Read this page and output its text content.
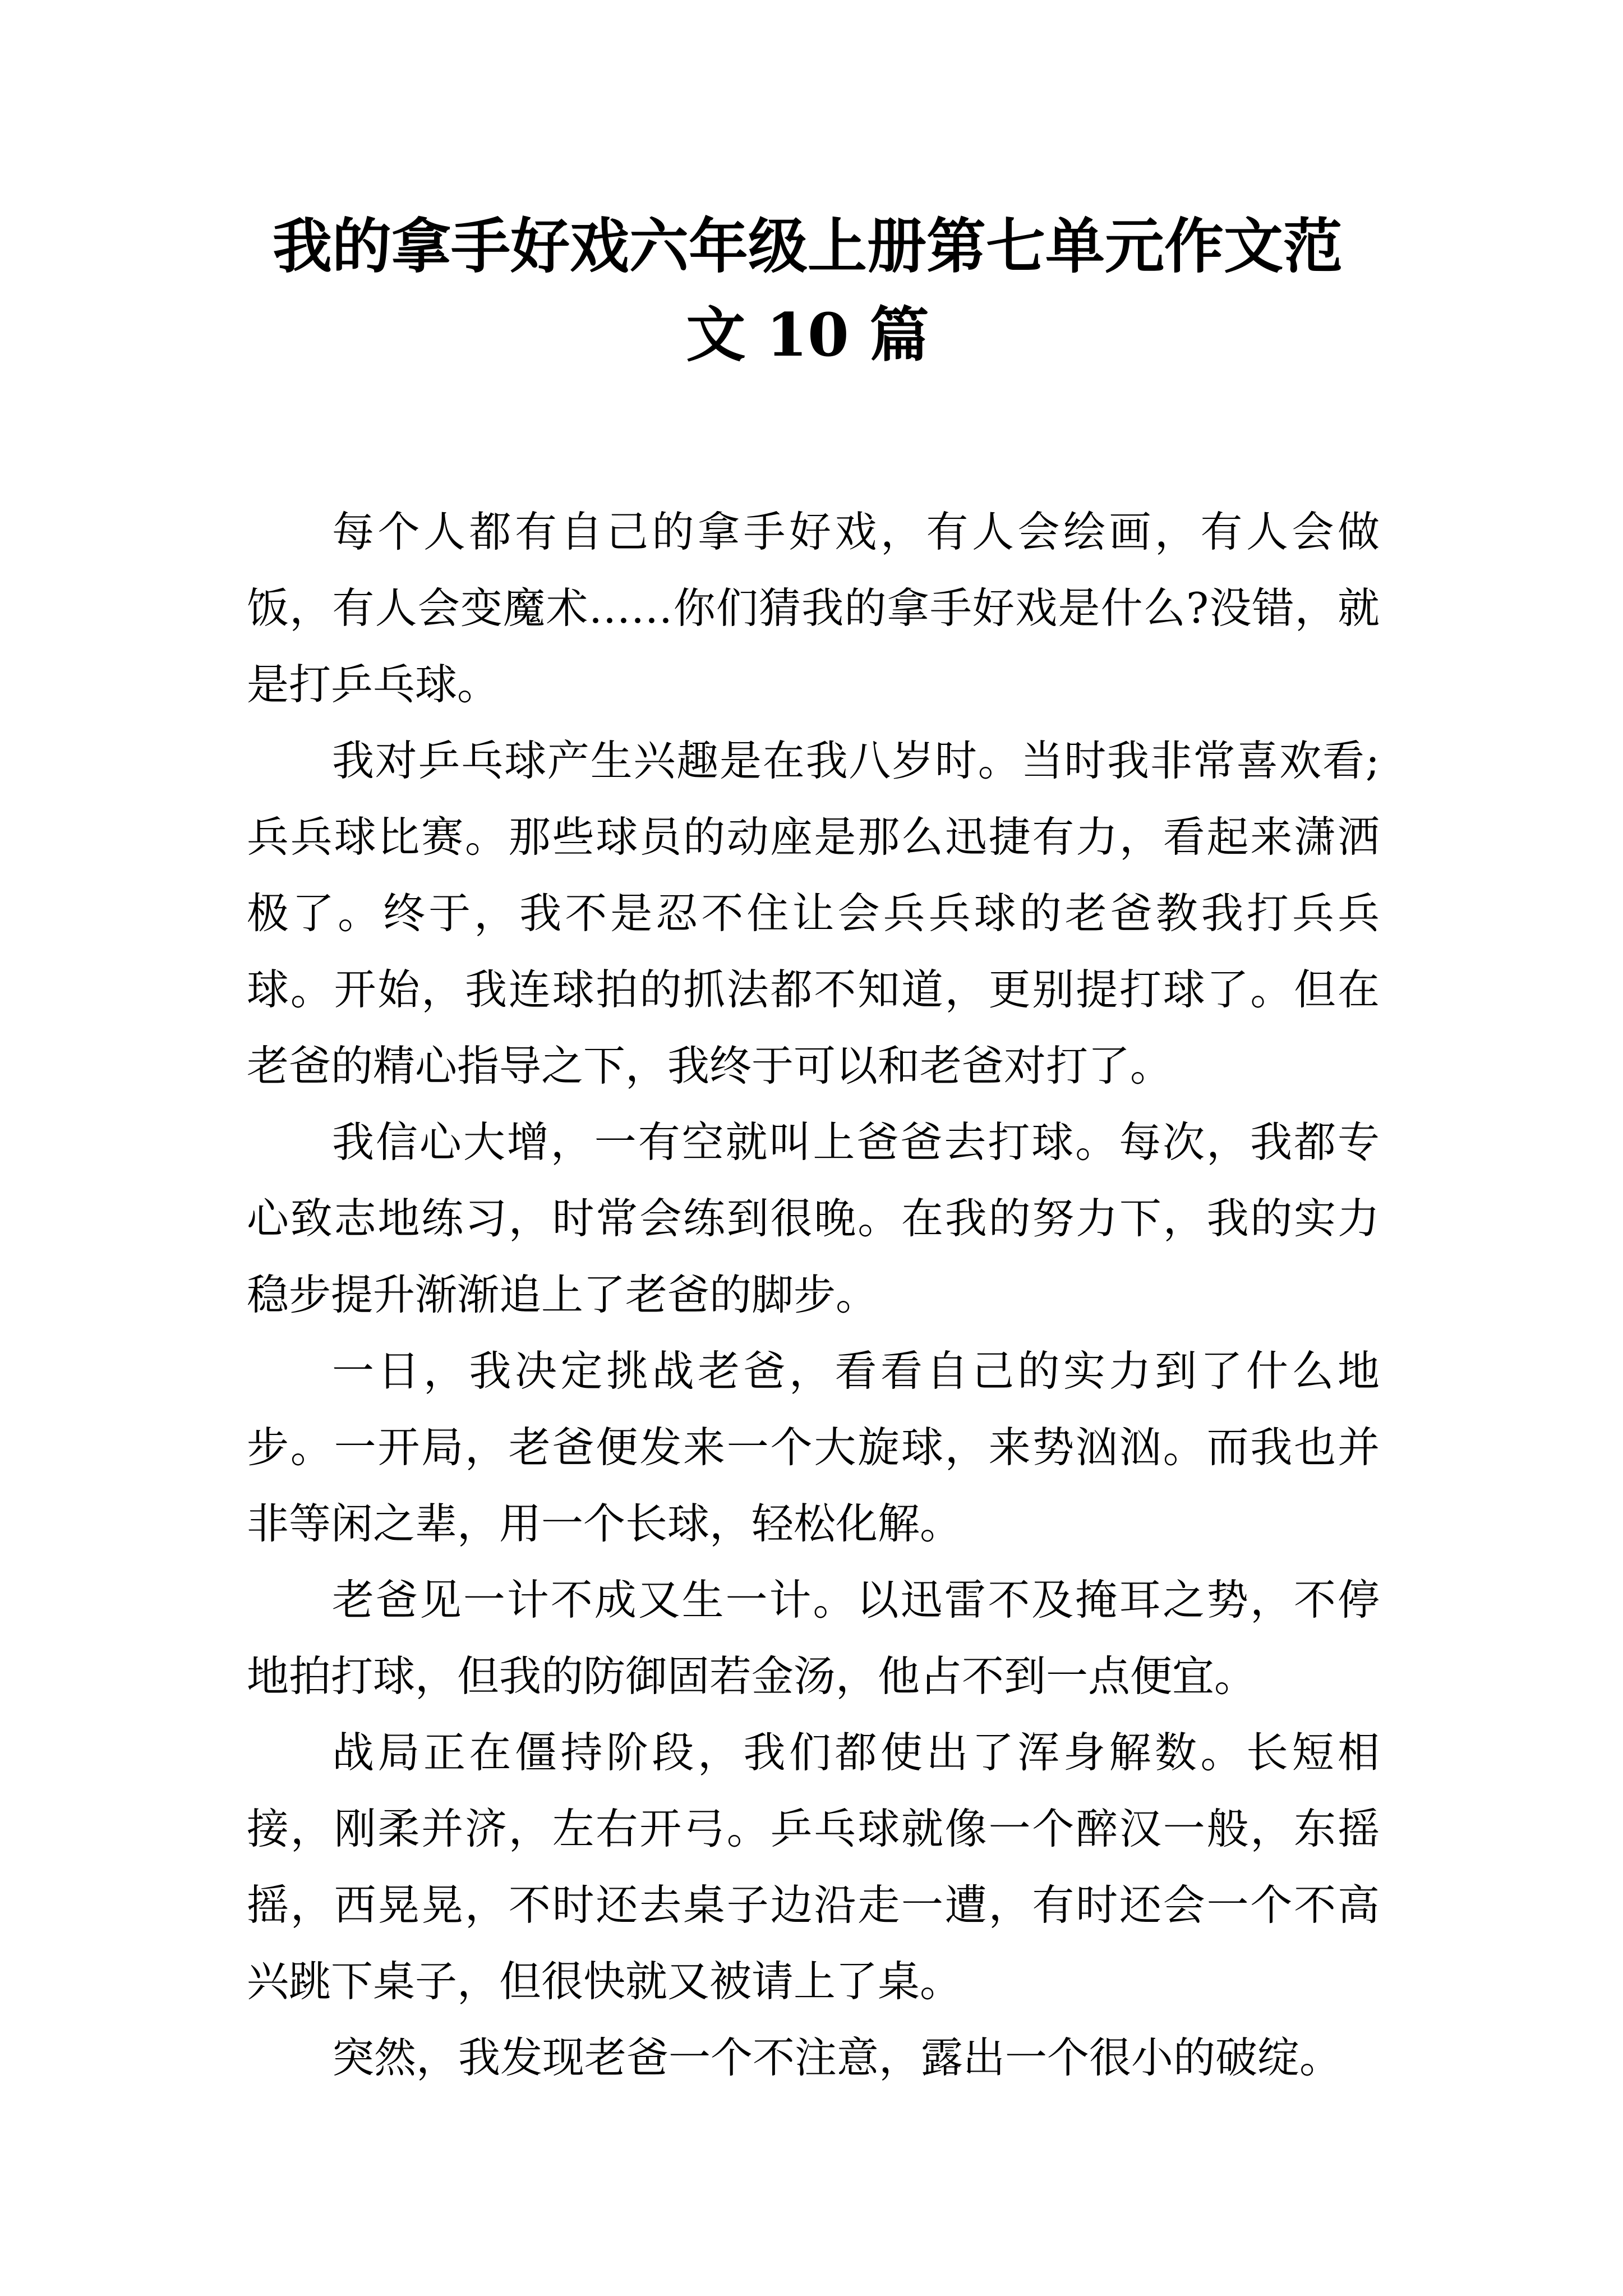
我的拿手好戏六年级上册第七单元作文范
文 10 篇

每个人都有自己的拿手好戏，有人会绘画，有人会做饭，有人会变魔术……你们猜我的拿手好戏是什么?没错，就是打乒乓球。

我对乒乓球产生兴趣是在我八岁时。当时我非常喜欢看;兵兵球比赛。那些球员的动座是那么迅捷有力，看起来潇洒极了。终于，我不是忍不住让会兵兵球的老爸教我打兵兵球。开始，我连球拍的抓法都不知道，更别提打球了。但在老爸的精心指导之下，我终于可以和老爸对打了。

我信心大增，一有空就叫上爸爸去打球。每次，我都专心致志地练习，时常会练到很晚。在我的努力下，我的实力稳步提升渐渐追上了老爸的脚步。

一日，我决定挑战老爸，看看自己的实力到了什么地步。一开局，老爸便发来一个大旋球，来势汹汹。而我也并非等闲之辈，用一个长球，轻松化解。

老爸见一计不成又生一计。以迅雷不及掩耳之势，不停地拍打球，但我的防御固若金汤，他占不到一点便宜。

战局正在僵持阶段，我们都使出了浑身解数。长短相接，刚柔并济，左右开弓。乒乓球就像一个醉汉一般，东摇摇，西晃晃，不时还去桌子边沿走一遭，有时还会一个不高兴跳下桌子，但很快就又被请上了桌。

突然，我发现老爸一个不注意，露出一个很小的破绽。
